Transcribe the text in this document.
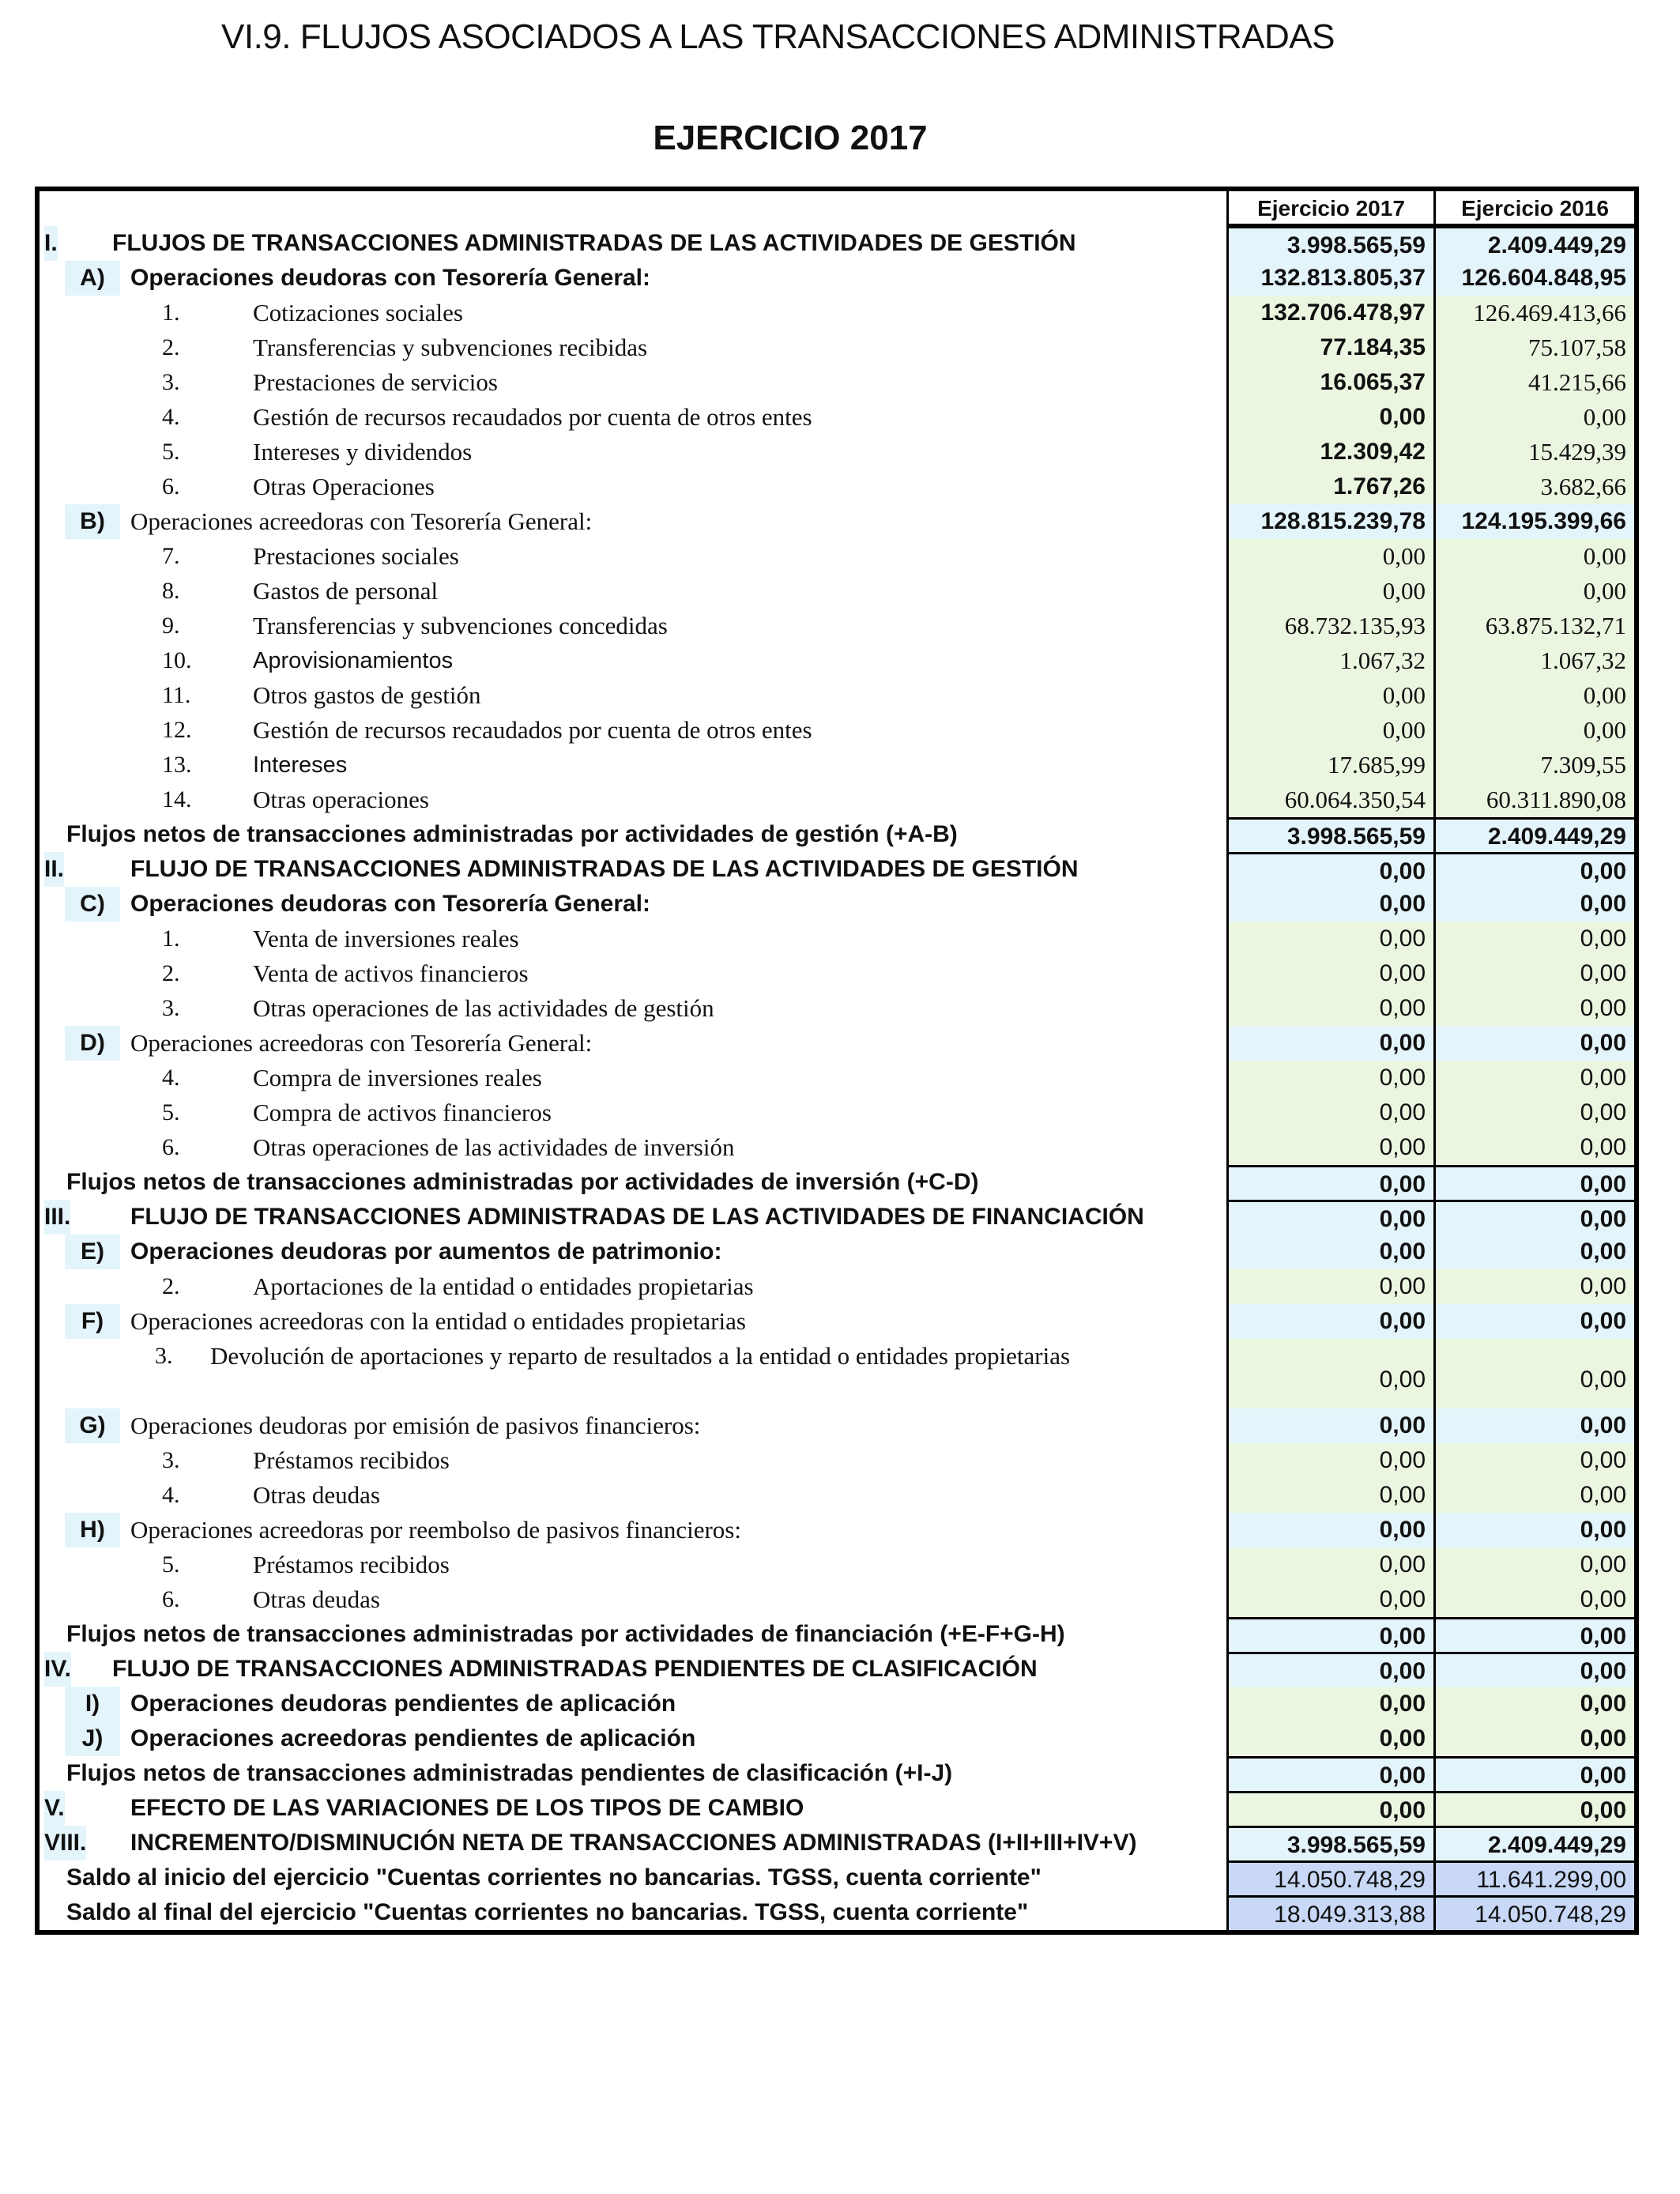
VI.9. FLUJOS ASOCIADOS A LAS TRANSACCIONES ADMINISTRADAS
EJERCICIO 2017
Ejercicio 2017	Ejercicio 2016
I. FLUJOS DE TRANSACCIONES ADMINISTRADAS DE LAS ACTIVIDADES DE GESTIÓN	3.998.565,59	2.409.449,29
A)	Operaciones deudoras con Tesorería General:	132.813.805,37	126.604.848,95
1.	Cotizaciones sociales	132.706.478,97	126.469.413,66
2.	Transferencias y subvenciones recibidas	77.184,35	75.107,58
3.	Prestaciones de servicios	16.065,37	41.215,66
4.	Gestión de recursos recaudados por cuenta de otros entes	0,00	0,00
5.	Intereses y dividendos	12.309,42	15.429,39
6.	Otras Operaciones	1.767,26	3.682,66
B)	Operaciones acreedoras con Tesorería General:	128.815.239,78	124.195.399,66
7.	Prestaciones sociales	0,00	0,00
8.	Gastos de personal	0,00	0,00
9.	Transferencias y subvenciones concedidas	68.732.135,93	63.875.132,71
10.	Aprovisionamientos	1.067,32	1.067,32
11.	Otros gastos de gestión	0,00	0,00
12.	Gestión de recursos recaudados por cuenta de otros entes	0,00	0,00
13.	Intereses	17.685,99	7.309,55
14.	Otras operaciones	60.064.350,54	60.311.890,08
Flujos netos de transacciones administradas por actividades de gestión (+A-B)	3.998.565,59	2.409.449,29
II.	FLUJO DE TRANSACCIONES ADMINISTRADAS DE LAS ACTIVIDADES DE GESTIÓN	0,00	0,00
C)	Operaciones deudoras con Tesorería General:	0,00	0,00
1.	Venta de inversiones reales	0,00	0,00
2.	Venta de activos financieros	0,00	0,00
3.	Otras operaciones de las actividades de gestión	0,00	0,00
D)	Operaciones acreedoras con Tesorería General:	0,00	0,00
4.	Compra de inversiones reales	0,00	0,00
5.	Compra de activos financieros	0,00	0,00
6.	Otras operaciones de las actividades de inversión	0,00	0,00
Flujos netos de transacciones administradas por actividades de inversión (+C-D)	0,00	0,00
III.	FLUJO DE TRANSACCIONES ADMINISTRADAS DE LAS ACTIVIDADES DE FINANCIACIÓN	0,00	0,00
E)	Operaciones deudoras por aumentos de patrimonio:	0,00	0,00
2.	Aportaciones de la entidad o entidades propietarias	0,00	0,00
F)	Operaciones acreedoras con la entidad o entidades propietarias	0,00	0,00
3.	Devolución de aportaciones y reparto de resultados a la entidad o entidades propietarias
0,00	0,00
G)	Operaciones deudoras por emisión de pasivos financieros:	0,00	0,00
3.	Préstamos recibidos	0,00	0,00
4.	Otras deudas	0,00	0,00
H)	Operaciones acreedoras por reembolso de pasivos financieros:	0,00	0,00
5.	Préstamos recibidos	0,00	0,00
6.	Otras deudas	0,00	0,00
Flujos netos de transacciones administradas por actividades de financiación (+E-F+G-H)	0,00	0,00
IV. FLUJO DE TRANSACCIONES ADMINISTRADAS PENDIENTES DE CLASIFICACIÓN	0,00	0,00
I)	Operaciones deudoras pendientes de aplicación	0,00	0,00
J)	Operaciones acreedoras pendientes de aplicación	0,00	0,00
Flujos netos de transacciones administradas pendientes de clasificación (+I-J)	0,00	0,00
V.	EFECTO DE LAS VARIACIONES DE LOS TIPOS DE CAMBIO	0,00	0,00
VIII. INCREMENTO/DISMINUCIÓN NETA DE TRANSACCIONES ADMINISTRADAS (I+II+III+IV+V)	3.998.565,59	2.409.449,29
Saldo al inicio del ejercicio "Cuentas corrientes no bancarias. TGSS, cuenta corriente"	14.050.748,29	11.641.299,00
Saldo al final del ejercicio "Cuentas corrientes no bancarias. TGSS, cuenta corriente"	18.049.313,88	14.050.748,29
